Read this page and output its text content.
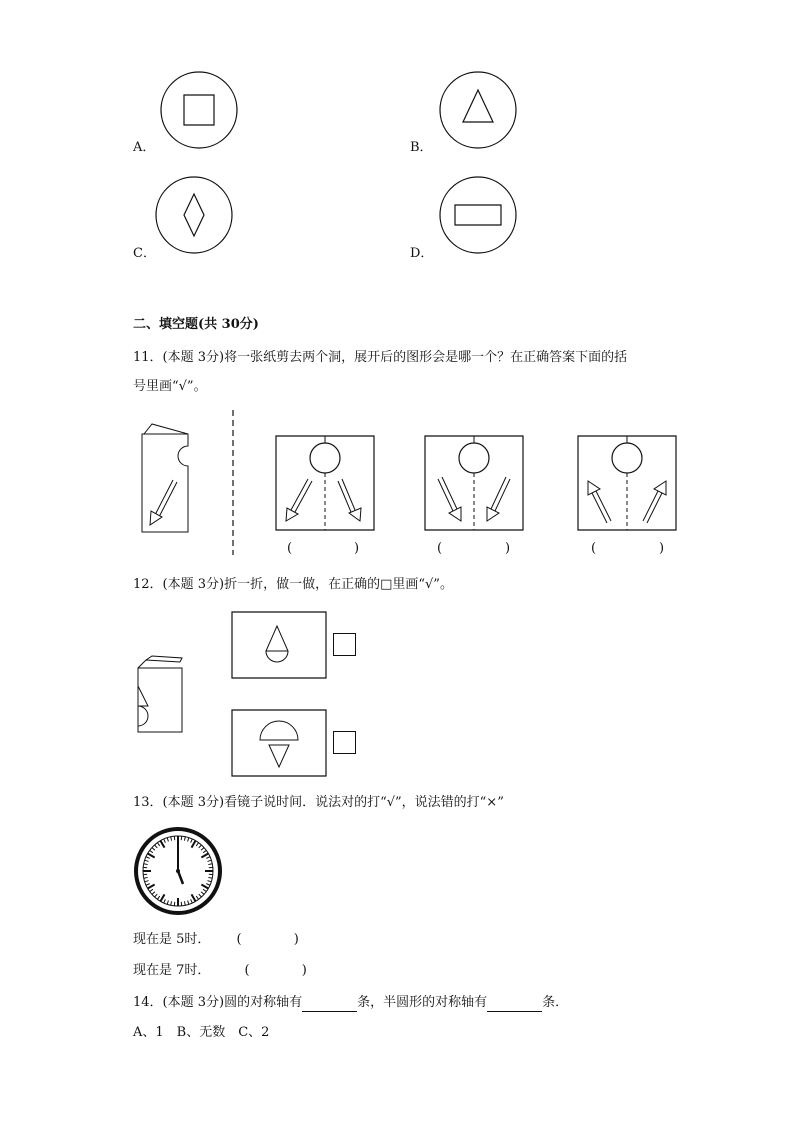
A．	B．
C．	D．
二、填空题(共 30分)
11．(本题 3分)将一张纸剪去两个洞，展开后的图形会是哪一个？在正确答案下面的括
号里画“√”。
(	)	(	)	(	)
12．(本题 3分)折一折，做一做，在正确的□里画“√”。
13．(本题 3分)看镜子说时间．说法对的打“√”，说法错的打“×”
现在是 5时． (	)
现在是 7时．	(	)
14．(本题 3分)圆的对称轴有	条，半圆形的对称轴有	条．
A、1　B、无数　C、2
